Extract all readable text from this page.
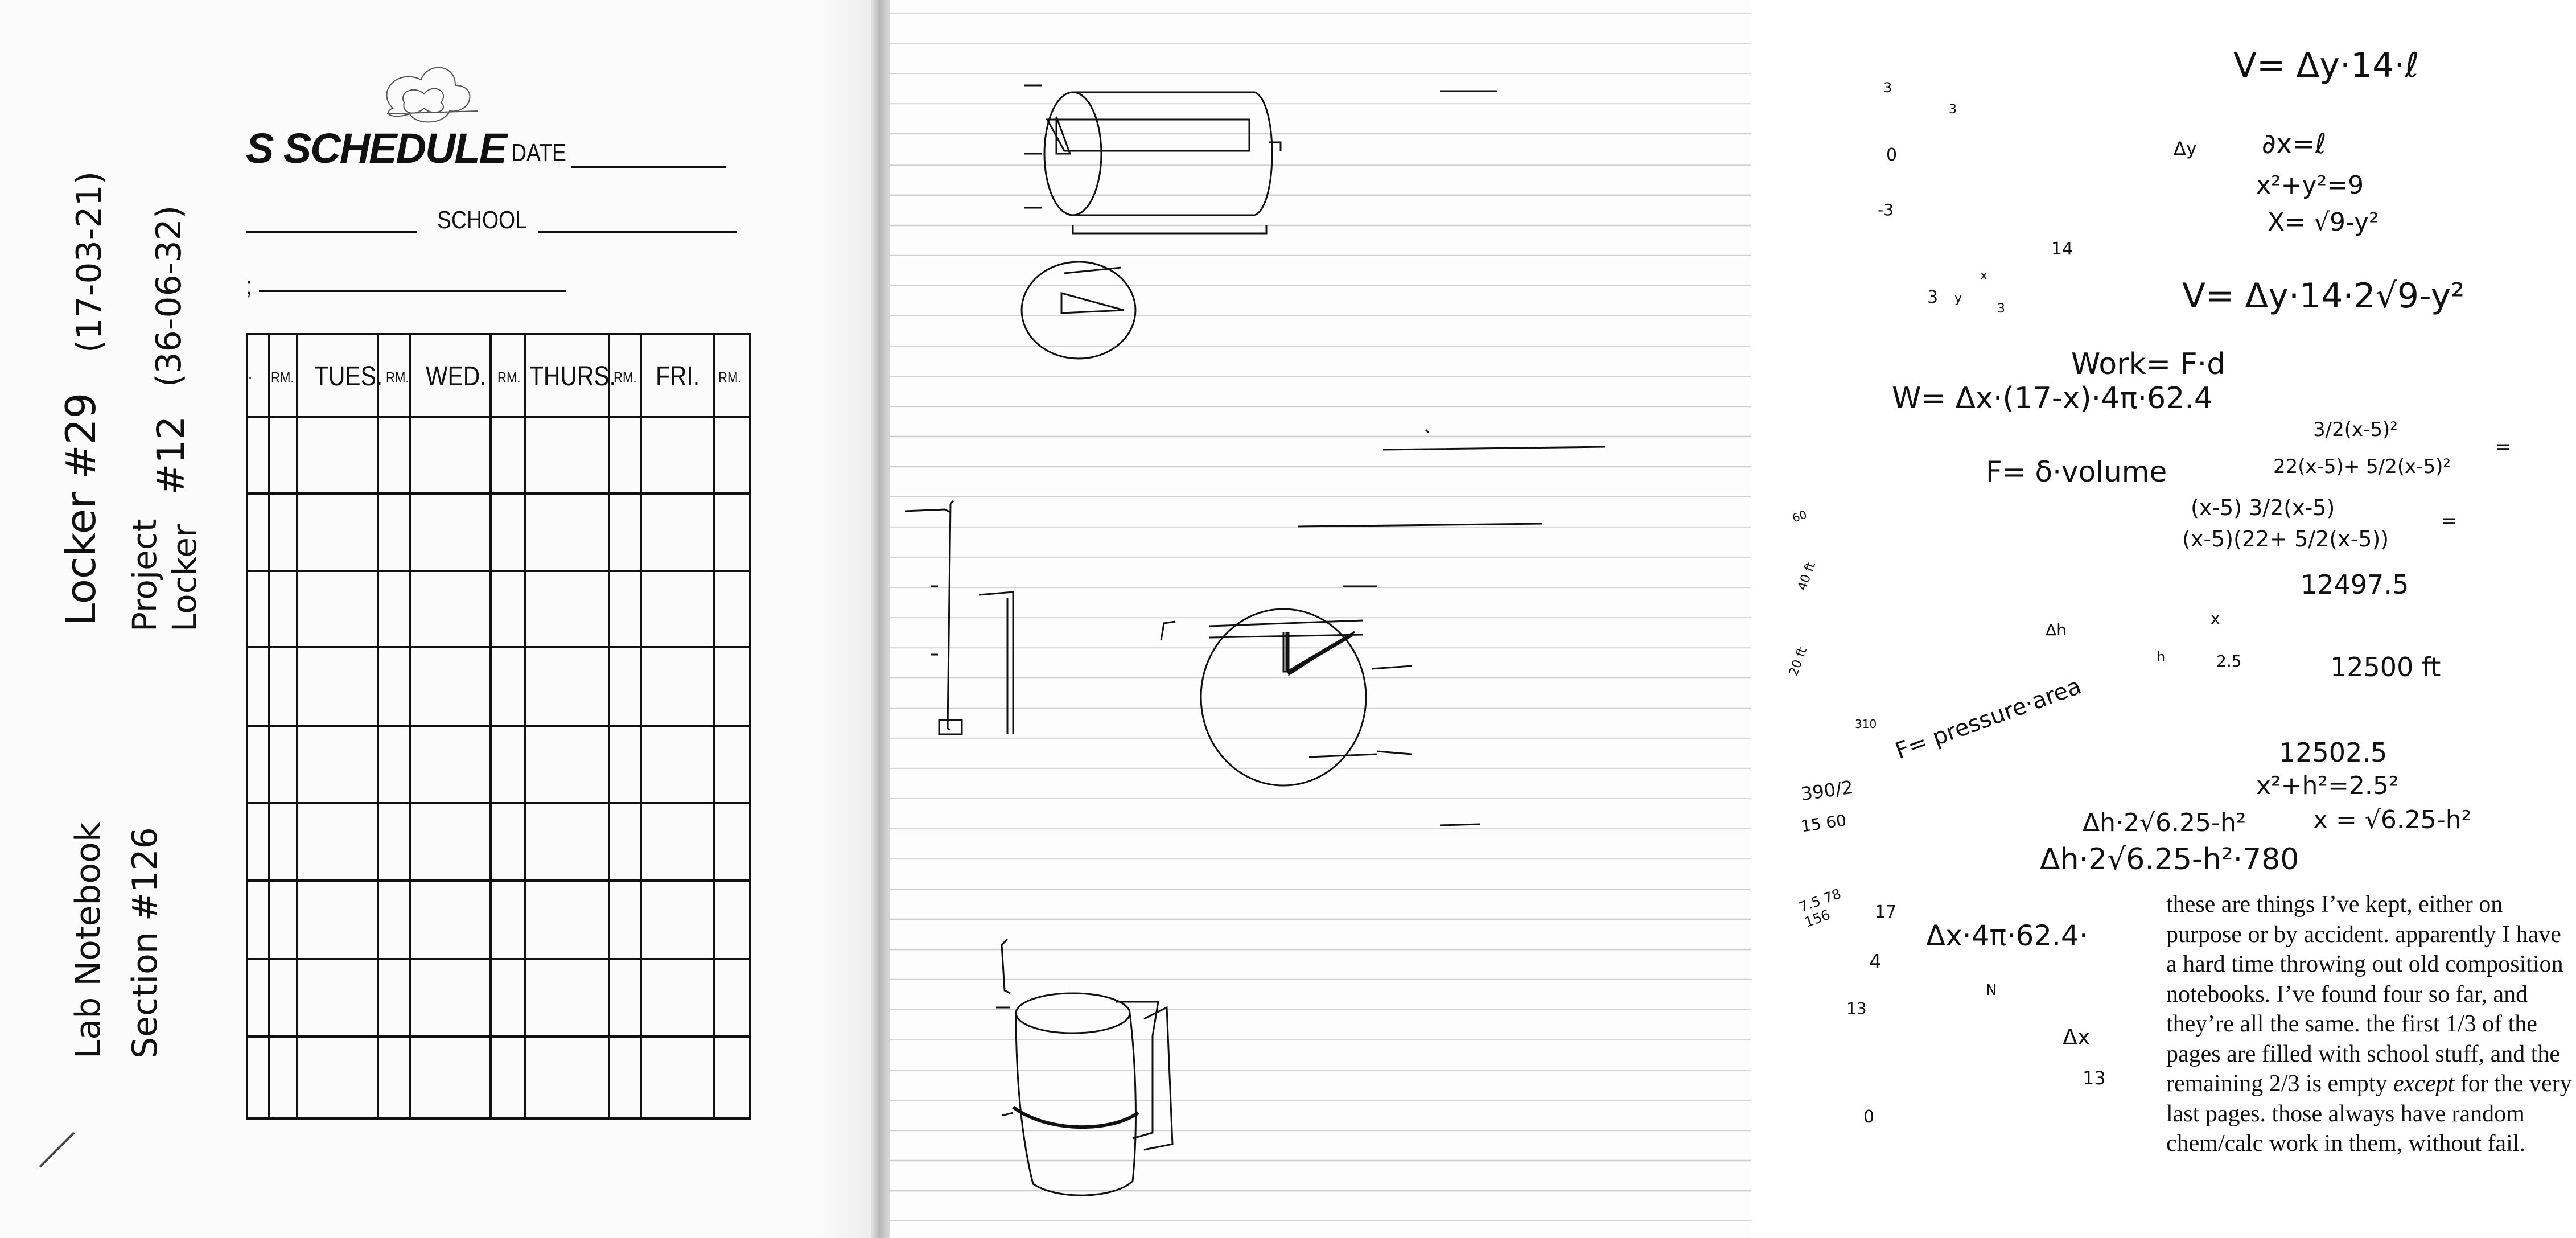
S SCHEDULE DATE
SCHOOL
;
. RM. TUES. RM. WED. RM. THURS.
RM. FRI. RM.
Locker #29
(17-03-21)
Project Locker
#12
(36-06-32)
Lab Notebook Section #126
V= Δy·14·ℓ
∂x=ℓ
x²+y²=9
X= √9-y²
V= Δy·14·2√9-y²
Work= F·d
W= Δx·(17-x)·4π·62.4
F= δ·volume
3/2(x-5)²
22(x-5)+ 5/2(x-5)²
=
(x-5) 3/2(x-5)
(x-5)(22+ 5/2(x-5))
=
12497.5
12500 ft
12502.5
x²+h²=2.5²
x = √6.25-h²
Δh·2√6.25-h²
Δh·2√6.25-h²·780
F= pressure·area
Δx·4π·62.4·
390/2
15 60
7.5 78 156
3
0
-3
14
Δy
3
3 y
x
3
40 ft
20 ft
310
60
Δh
x
h	2.5
17
4
13
0
Δx
13
N
these are things I’ve kept, either on purpose or by accident. apparently I have a hard time throwing out old composition notebooks. I’ve found four so far, and they’re all the same. the first 1/3 of the pages are filled with school stuff, and the remaining 2/3 is empty except for the very last pages. those always have random chem/calc work in them, without fail.
